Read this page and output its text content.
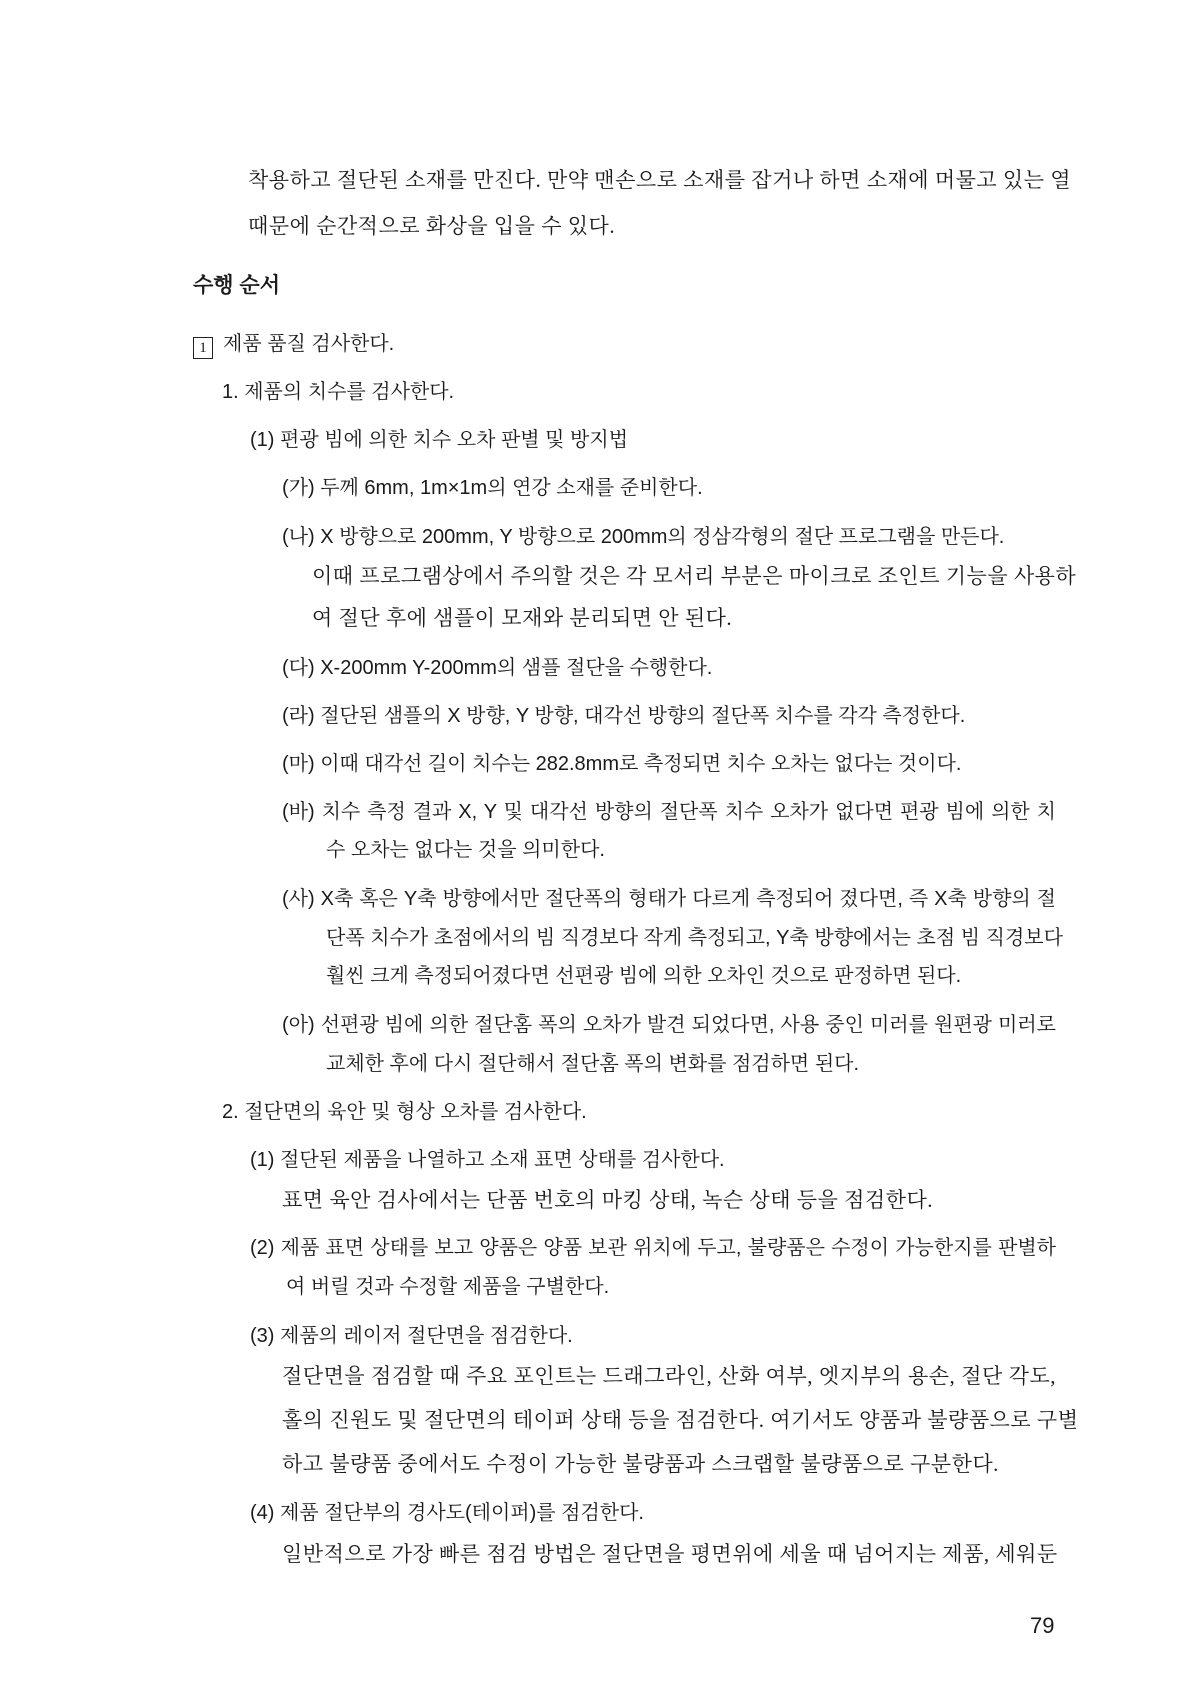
착용하고 절단된 소재를 만진다. 만약 맨손으로 소재를 잡거나 하면 소재에 머물고 있는 열
때문에 순간적으로 화상을 입을 수 있다.
수행 순서
1 제품 품질 검사한다.
1. 제품의 치수를 검사한다.
(1) 편광 빔에 의한 치수 오차 판별 및 방지법
(가) 두께 6mm, 1m×1m의 연강 소재를 준비한다.
(나) X 방향으로 200mm, Y 방향으로 200mm의 정삼각형의 절단 프로그램을 만든다.
이때 프로그램상에서 주의할 것은 각 모서리 부분은 마이크로 조인트 기능을 사용하
여 절단 후에 샘플이 모재와 분리되면 안 된다.
(다) X-200mm Y-200mm의 샘플 절단을 수행한다.
(라) 절단된 샘플의 X 방향, Y 방향, 대각선 방향의 절단폭 치수를 각각 측정한다.
(마) 이때 대각선 길이 치수는 282.8mm로 측정되면 치수 오차는 없다는 것이다.
(바) 치수 측정 결과 X, Y 및 대각선 방향의 절단폭 치수 오차가 없다면 편광 빔에 의한 치
수 오차는 없다는 것을 의미한다.
(사) X축 혹은 Y축 방향에서만 절단폭의 형태가 다르게 측정되어 졌다면, 즉 X축 방향의 절
단폭 치수가 초점에서의 빔 직경보다 작게 측정되고, Y축 방향에서는 초점 빔 직경보다
훨씬 크게 측정되어졌다면 선편광 빔에 의한 오차인 것으로 판정하면 된다.
(아) 선편광 빔에 의한 절단홈 폭의 오차가 발견 되었다면, 사용 중인 미러를 원편광 미러로
교체한 후에 다시 절단해서 절단홈 폭의 변화를 점검하면 된다.
2. 절단면의 육안 및 형상 오차를 검사한다.
(1) 절단된 제품을 나열하고 소재 표면 상태를 검사한다.
표면 육안 검사에서는 단품 번호의 마킹 상태, 녹슨 상태 등을 점검한다.
(2) 제품 표면 상태를 보고 양품은 양품 보관 위치에 두고, 불량품은 수정이 가능한지를 판별하
여 버릴 것과 수정할 제품을 구별한다.
(3) 제품의 레이저 절단면을 점검한다.
절단면을 점검할 때 주요 포인트는 드래그라인, 산화 여부, 엣지부의 용손, 절단 각도,
홀의 진원도 및 절단면의 테이퍼 상태 등을 점검한다. 여기서도 양품과 불량품으로 구별
하고 불량품 중에서도 수정이 가능한 불량품과 스크랩할 불량품으로 구분한다.
(4) 제품 절단부의 경사도(테이퍼)를 점검한다.
일반적으로 가장 빠른 점검 방법은 절단면을 평면위에 세울 때 넘어지는 제품, 세워둔
79
